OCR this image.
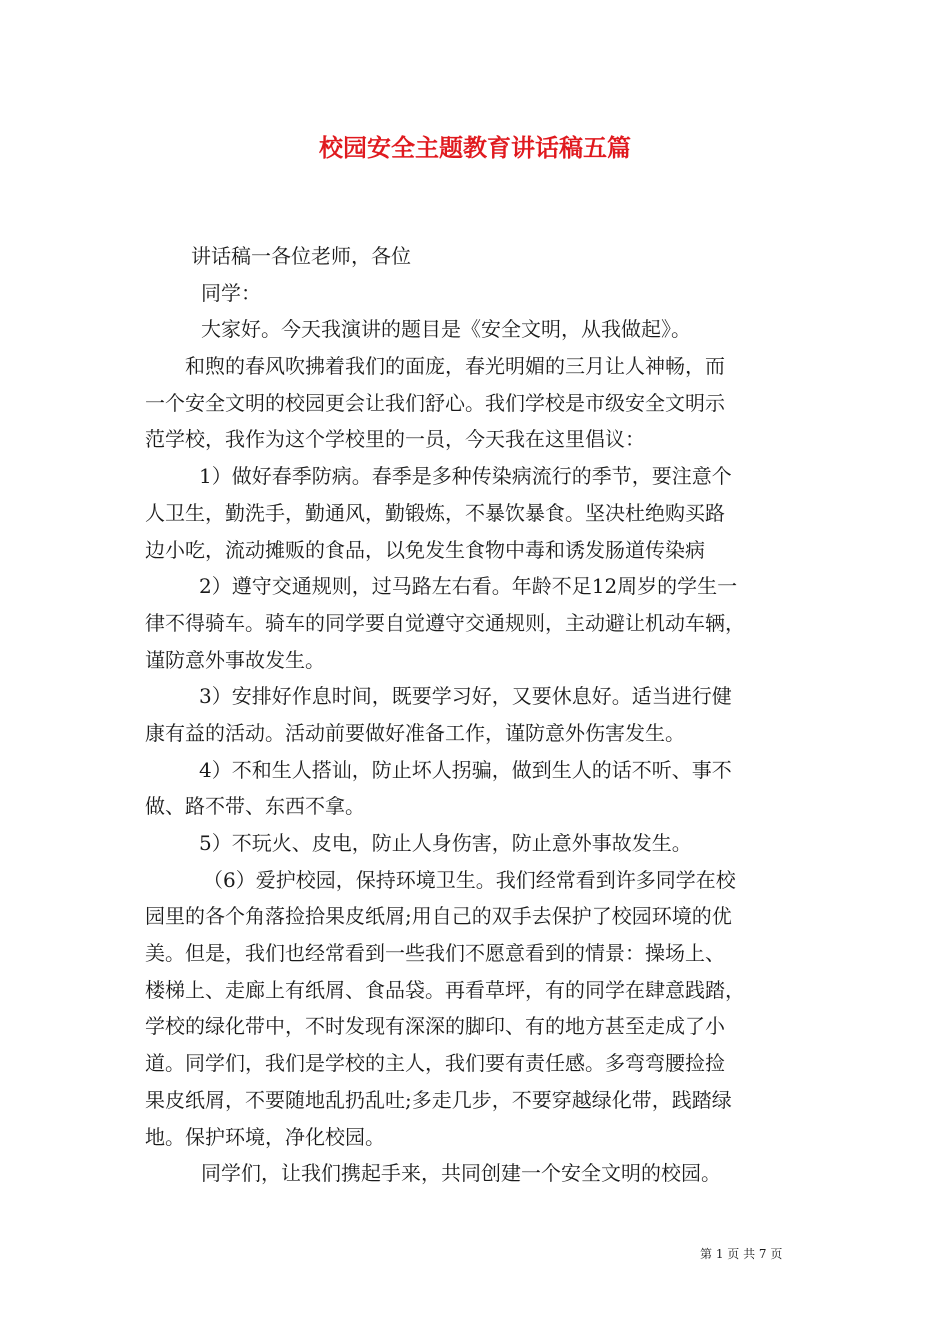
校园安全主题教育讲话稿五篇
讲话稿一各位老师，各位
同学：
大家好。今天我演讲的题目是《安全文明，从我做起》。
和煦的春风吹拂着我们的面庞，春光明媚的三月让人神畅，而
一个安全文明的校园更会让我们舒心。我们学校是市级安全文明示
范学校，我作为这个学校里的一员，今天我在这里倡议：
1）做好春季防病。春季是多种传染病流行的季节，要注意个
人卫生，勤洗手，勤通风，勤锻炼，不暴饮暴食。坚决杜绝购买路
边小吃，流动摊贩的食品，以免发生食物中毒和诱发肠道传染病
2）遵守交通规则，过马路左右看。年龄不足12周岁的学生一
律不得骑车。骑车的同学要自觉遵守交通规则，主动避让机动车辆，
谨防意外事故发生。
3）安排好作息时间，既要学习好，又要休息好。适当进行健
康有益的活动。活动前要做好准备工作，谨防意外伤害发生。
4）不和生人搭讪，防止坏人拐骗，做到生人的话不听、事不
做、路不带、东西不拿。
5）不玩火、皮电，防止人身伤害，防止意外事故发生。
（6）爱护校园，保持环境卫生。我们经常看到许多同学在校
园里的各个角落捡拾果皮纸屑;用自己的双手去保护了校园环境的优
美。但是，我们也经常看到一些我们不愿意看到的情景：操场上、
楼梯上、走廊上有纸屑、食品袋。再看草坪，有的同学在肆意践踏，
学校的绿化带中，不时发现有深深的脚印、有的地方甚至走成了小
道。同学们，我们是学校的主人，我们要有责任感。多弯弯腰捡捡
果皮纸屑，不要随地乱扔乱吐;多走几步，不要穿越绿化带，践踏绿
地。保护环境，净化校园。
同学们，让我们携起手来，共同创建一个安全文明的校园。
第 1 页 共 7 页
